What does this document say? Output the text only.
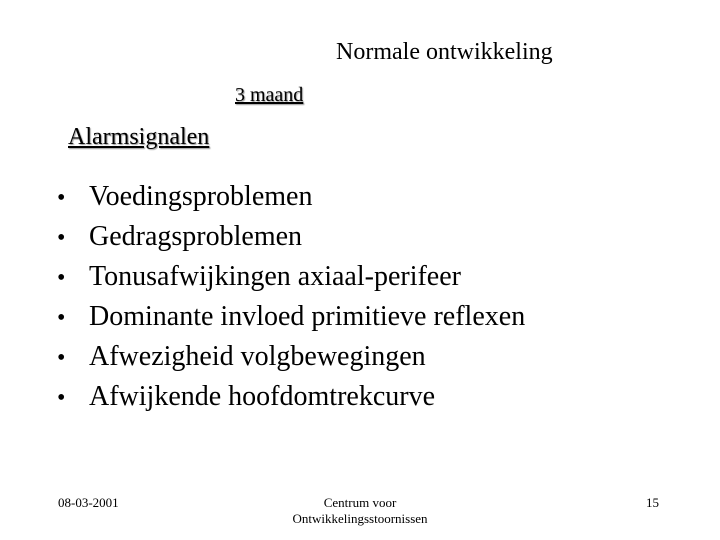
Normale ontwikkeling
3 maand
Alarmsignalen
• Voedingsproblemen
• Gedragsproblemen
• Tonusafwijkingen axiaal-perifeer
• Dominante invloed primitieve reflexen
• Afwezigheid volgbewegingen
• Afwijkende hoofdomtrekcurve
08-03-2001	Centrum voor
Ontwikkelingsstoornissen
15
